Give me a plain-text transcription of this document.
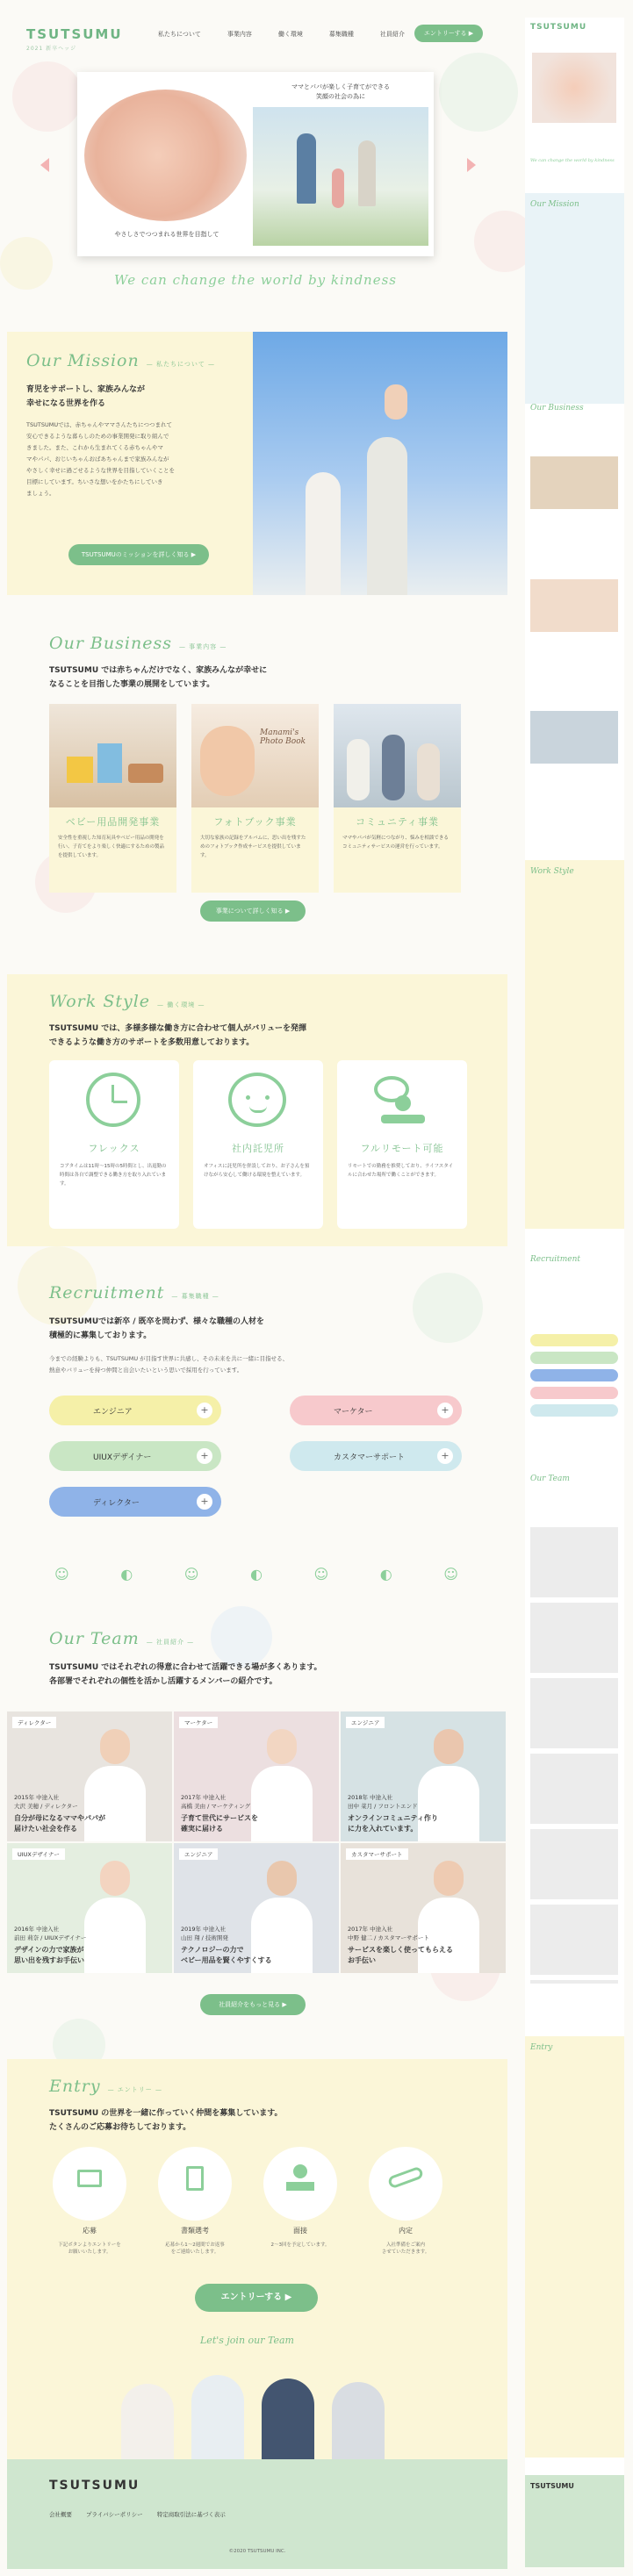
TSUTSUMU
2021 新卒ヘッジ
私たちについて	事業内容	働く環境	募集職種	社員紹介	エントリーする ▶
やさしさでつつまれる世界を目指して
ママとパパが楽しく子育てができる
笑顔の社会の為に
We can change the world by kindness
Our Mission — 私たちについて —
育児をサポートし、家族みんなが
幸せになる世界を作る
TSUTSUMUでは、赤ちゃんやママさんたちにつつまれて
安心できるような暮らしのための事業開発に取り組んで
きました。また、これから生まれてくる赤ちゃんやマ
マやパパ、おじいちゃんおばあちゃんまで家族みんなが
やさしく幸せに過ごせるような世界を目指していくことを
目標にしています。ちいさな想いをかたちにしていき
ましょう。
TSUTSUMUのミッションを詳しく知る ▶
Our Business — 事業内容 —
TSUTSUMU では赤ちゃんだけでなく、家族みんなが幸せに
なることを目指した事業の展開をしています。
ベビー用品開発事業
安全性を重視した知育玩具やベビー用品の開発を行い、子育てをより楽しく快適にするための製品を提供しています。
Manami's Photo Book
フォトブック事業
大切な家族の記録をアルバムに、思い出を残すためのフォトブック作成サービスを提供しています。
コミュニティ事業
ママやパパが気軽につながり、悩みを相談できるコミュニティサービスの運営を行っています。
事業について詳しく知る ▶
Work Style — 働く環境 —
TSUTSUMU では、多様多様な働き方に合わせて個人がバリューを発揮
できるような働き方のサポートを多数用意しております。
フレックス
コアタイムは11時〜15時の5時間とし、出退勤の時間は各自で調整できる働き方を取り入れています。
社内託児所
オフィスに託児所を併設しており、お子さんを預けながら安心して働ける環境を整えています。
フルリモート可能
リモートでの勤務を推奨しており、ライフスタイルに合わせた場所で働くことができます。
Recruitment — 募集職種 —
TSUTSUMUでは新卒 / 既卒を問わず、様々な職種の人材を
積極的に募集しております。
今までの経験よりも、TSUTSUMU が目指す世界に共感し、その未来を共に一緒に目指せる、
熱意やバリューを持つ仲間と出会いたいという思いで採用を行っています。
エンジニア	+	マーケター	+
UIUXデザイナー	+	カスタマーサポート	+
ディレクター	+
☺	◐	☺	◐	☺	◐	☺
Our Team — 社員紹介 —
TSUTSUMU ではそれぞれの得意に合わせて活躍できる場が多くあります。
各部署でそれぞれの個性を活かし活躍するメンバーの紹介です。
ディレクター
2015年 中途入社
大沢 美穂 / ディレクター
自分が母になるママやパパが
届けたい社会を作る
マーケター
2017年 中途入社
高橋 美由 / マーケティング
子育て世代にサービスを
確実に届ける
エンジニア
2018年 中途入社
田中 菜月 / フロントエンド
オンラインコミュニティ作り
に力を入れています。
UIUXデザイナー
2016年 中途入社
前田 莉奈 / UIUXデザイナー
デザインの力で家族が
思い出を残すお手伝い
エンジニア
2019年 中途入社
山田 翔 / 技術開発
テクノロジーの力で
ベビー用品を賢くやすくする
カスタマーサポート
2017年 中途入社
中野 健二 / カスタマーサポート
サービスを楽しく使ってもらえる
お手伝い
社員紹介をもっと見る ▶
Entry — エントリー —
TSUTSUMU の世界を一緒に作っていく仲間を募集しています。
たくさんのご応募お待ちしております。
応募
下記ボタンよりエントリーを
お願いいたします。
書類選考
応募から1〜2週間でお返事
をご連絡いたします。
面接
2〜3回を予定しています。
内定
入社準備をご案内
させていただきます。
エントリーする ▶
Let's join our Team
TSUTSUMU
会社概要 プライバシーポリシー 特定商取引法に基づく表示
©2020 TSUTSUMU INC.
TSUTSUMU
We can change the world by kindness
Our Mission
Our Business
Work Style
Recruitment
Our Team
Entry
TSUTSUMU
